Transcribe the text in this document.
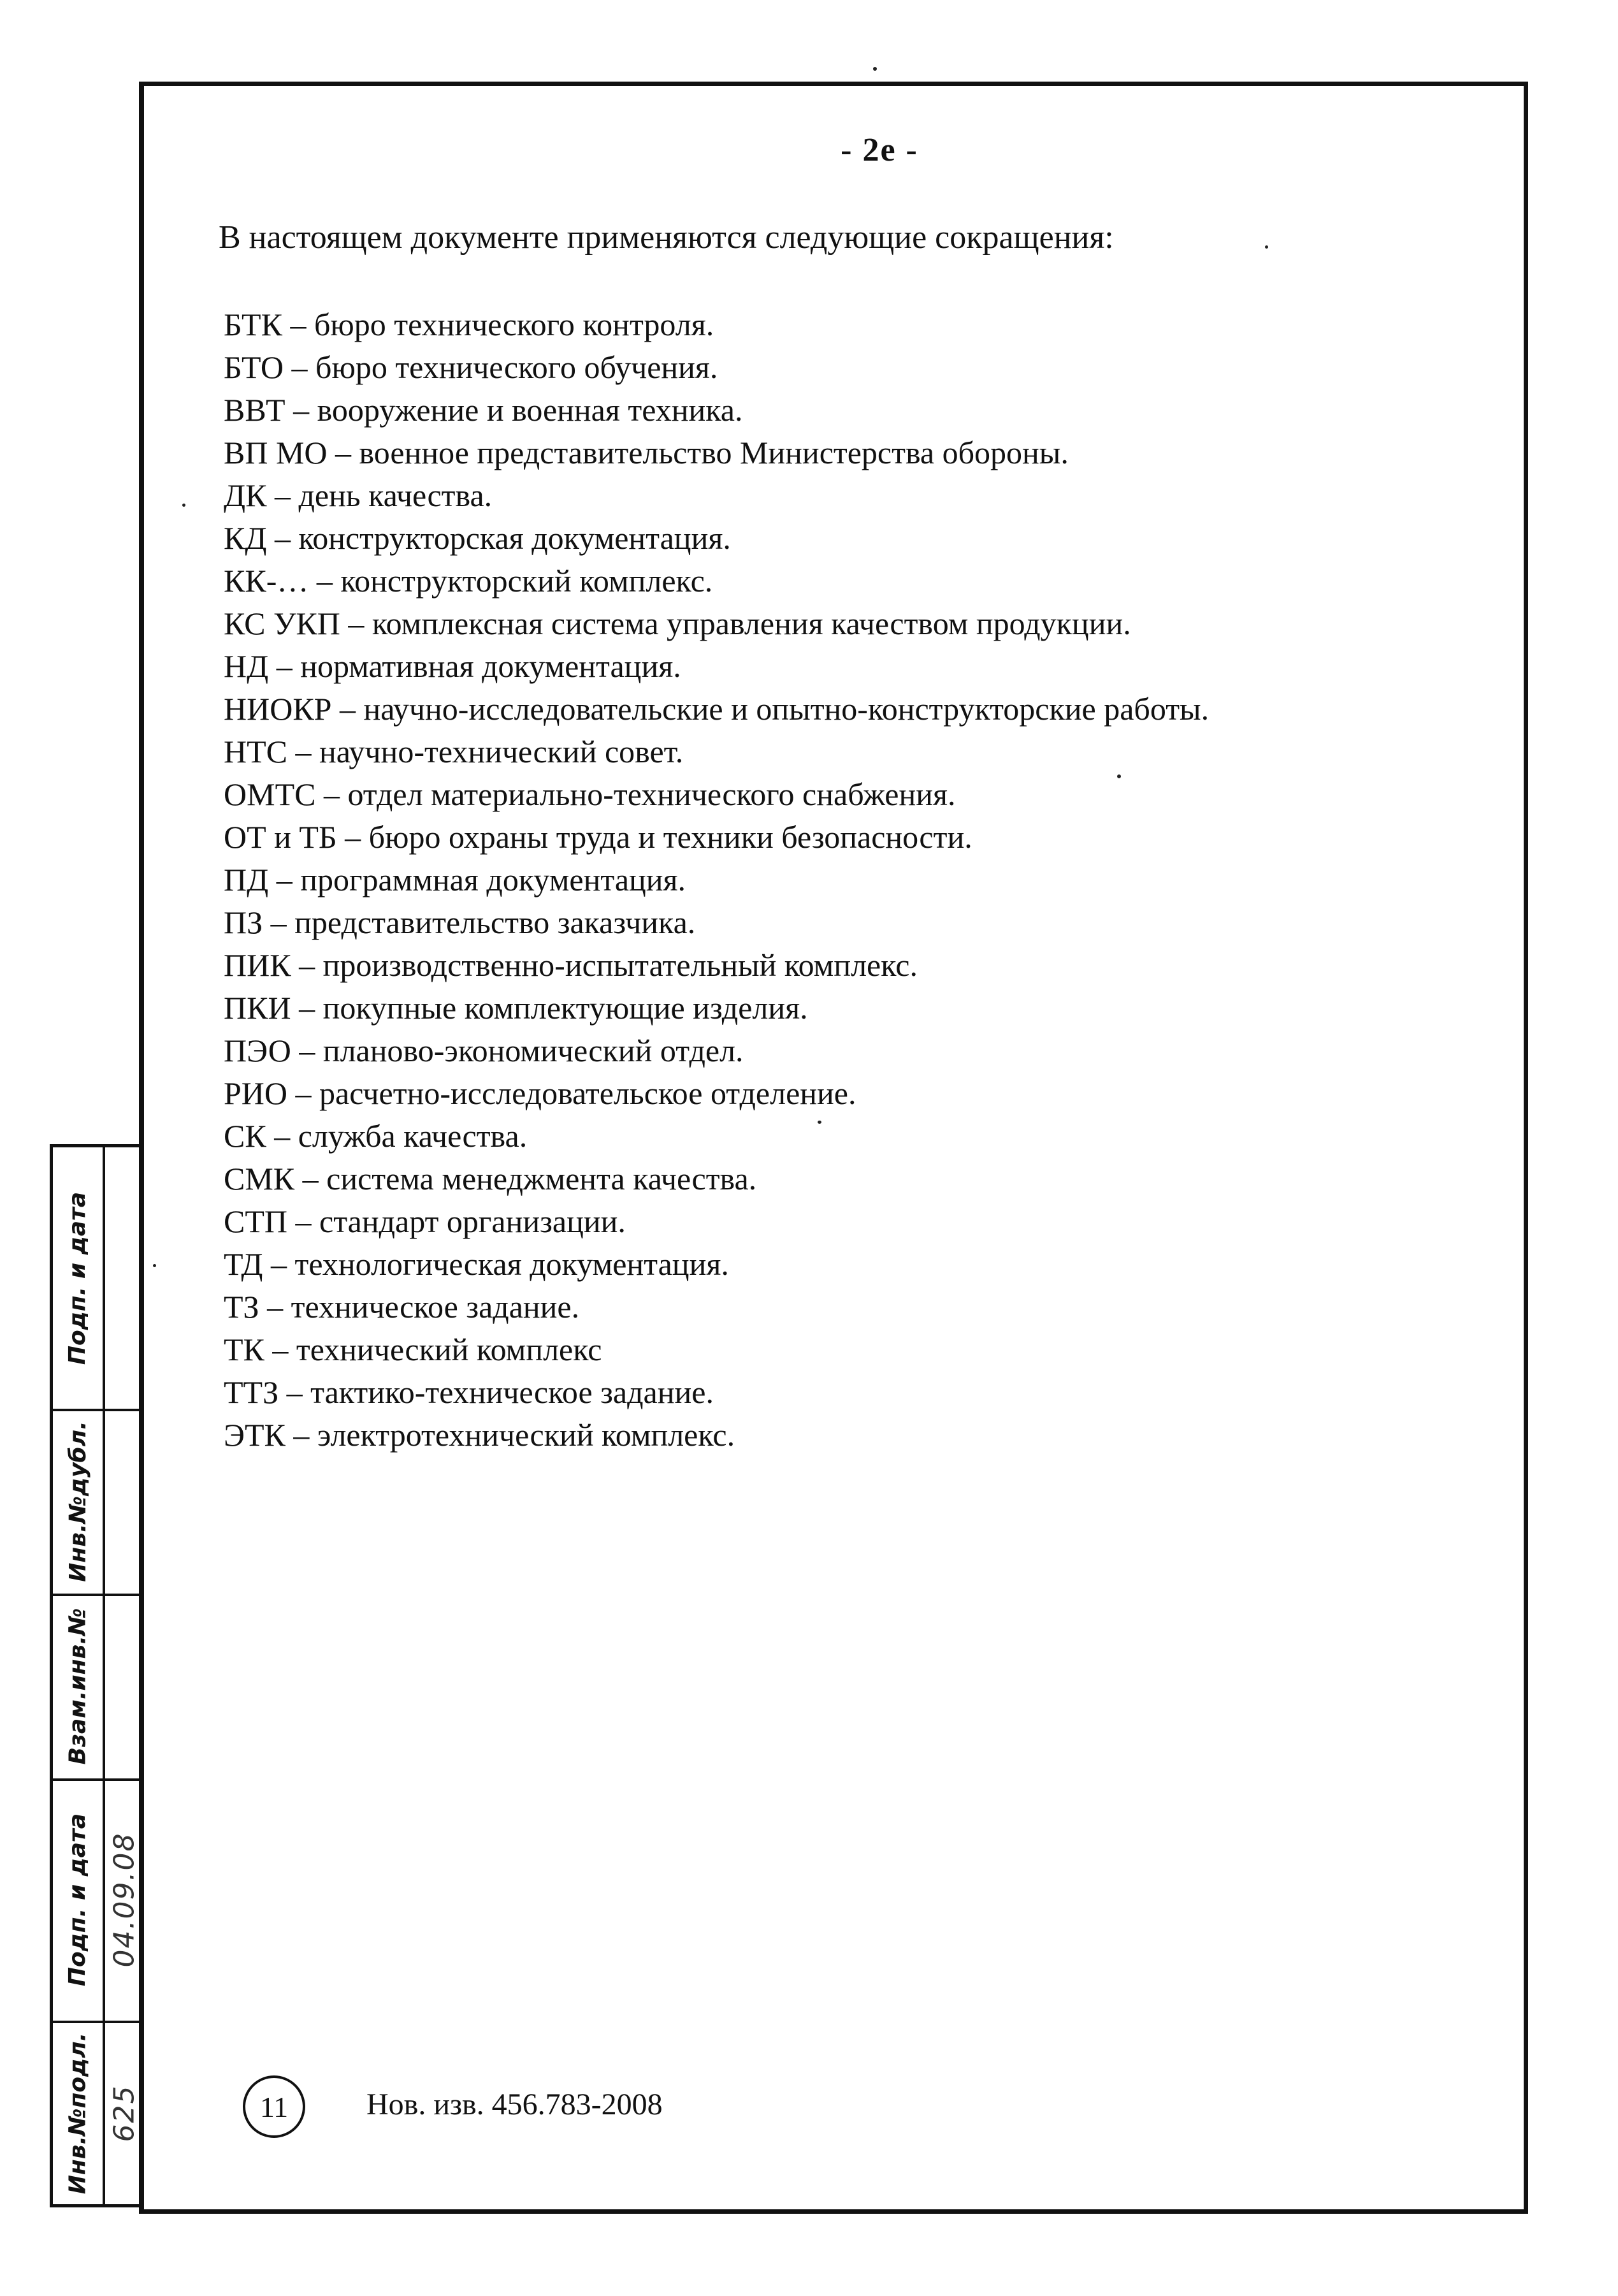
- 2е -
В настоящем документе применяются следующие сокращения:
БТК – бюро технического контроля.
БТО – бюро технического обучения.
ВВТ – вооружение и военная техника.
ВП МО – военное представительство Министерства обороны.
ДК – день качества.
КД – конструкторская документация.
КК-… – конструкторский комплекс.
КС УКП – комплексная система управления качеством продукции.
НД – нормативная документация.
НИОКР – научно-исследовательские и опытно-конструкторские работы.
НТС – научно-технический совет.
ОМТС – отдел материально-технического снабжения.
ОТ и ТБ – бюро охраны труда и техники безопасности.
ПД – программная документация.
ПЗ – представительство заказчика.
ПИК – производственно-испытательный комплекс.
ПКИ – покупные комплектующие изделия.
ПЭО – планово-экономический отдел.
РИО – расчетно-исследовательское отделение.
СК – служба качества.
СМК – система менеджмента качества.
СТП – стандарт организации.
ТД – технологическая документация.
ТЗ – техническое задание.
ТК – технический комплекс
ТТЗ – тактико-техническое задание.
ЭТК – электротехнический комплекс.
Подп. и дата
Инв.№дубл.
Взам.инв.№
Подп. и дата 04.09.08
Инв.№подл. 625	11	Нов. изв. 456.783-2008
